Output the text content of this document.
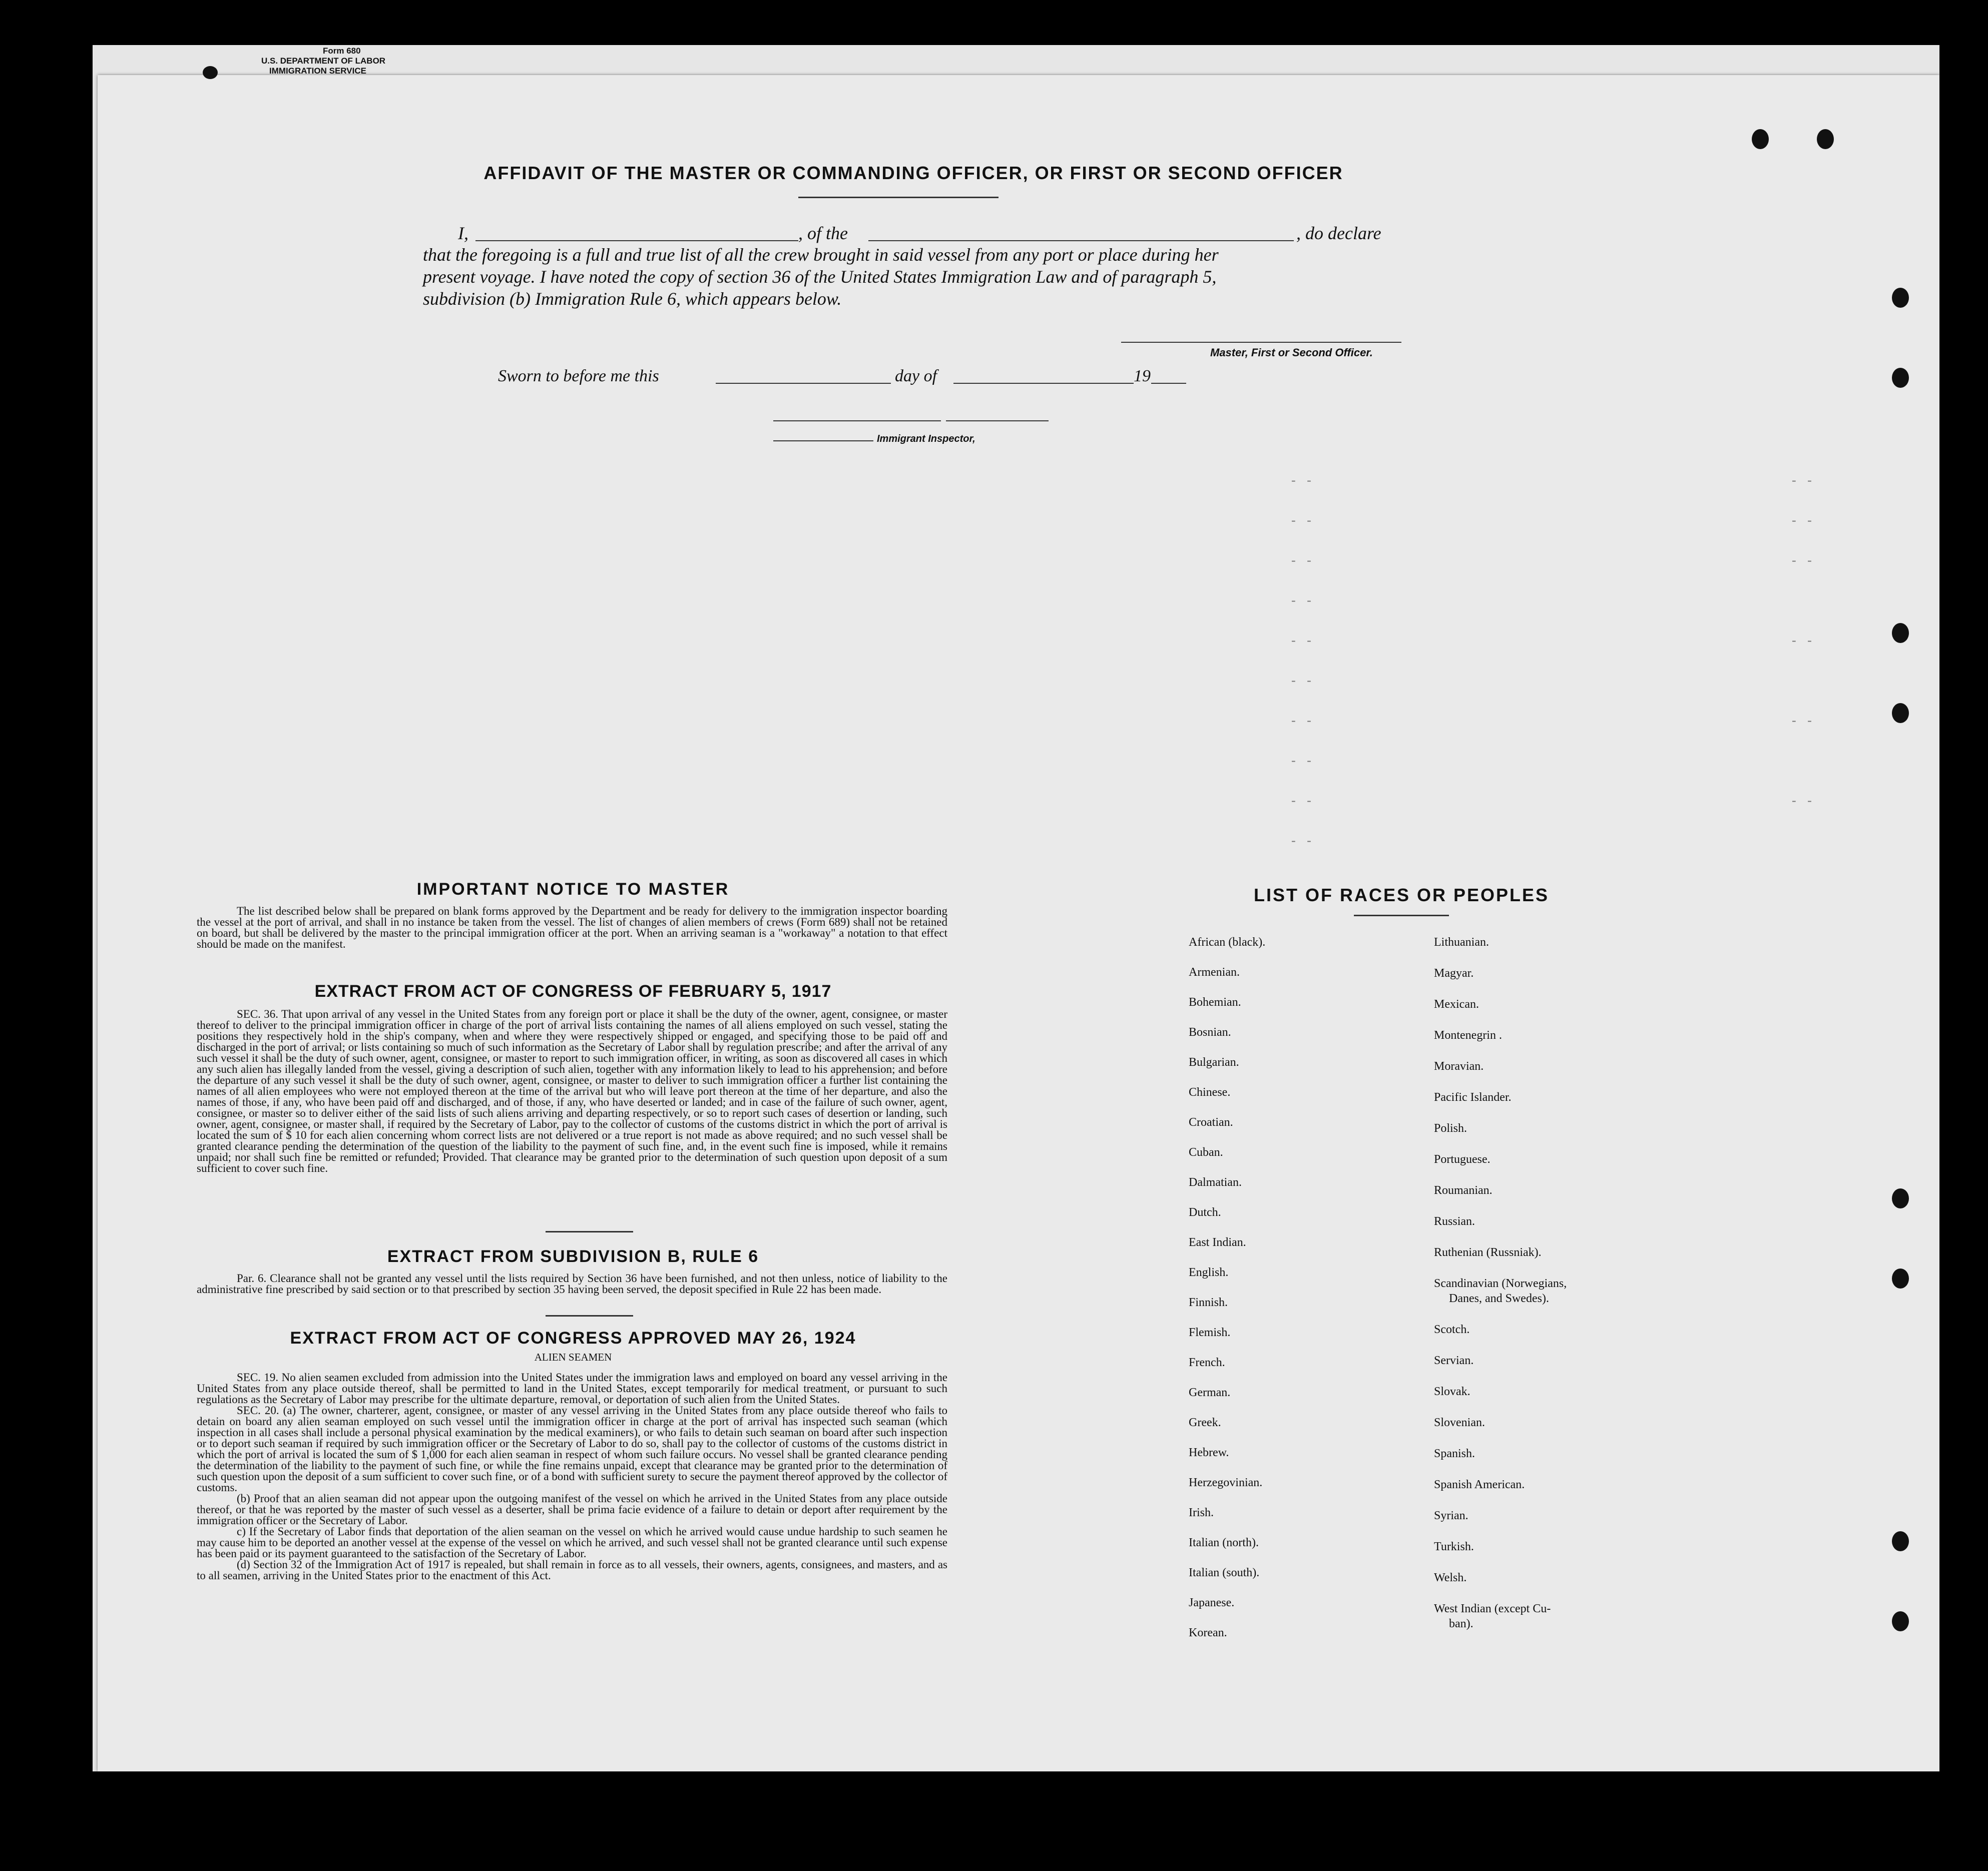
Form 680
U.S. DEPARTMENT OF LABOR
IMMIGRATION SERVICE
AFFIDAVIT OF THE MASTER OR COMMANDING OFFICER, OR FIRST OR SECOND OFFICER
I,	, of the	, do declare
that the foregoing is a full and true list of all the crew brought in said vessel from any port or place during her
present voyage. I have noted the copy of section 36 of the United States Immigration Law and of paragraph 5,
subdivision (b) Immigration Rule 6, which appears below.
Master, First or Second Officer.
Sworn to before me this	day of	19
Immigrant Inspector,
- -
- -
- -
- -
- -
- -
- -
- -
- -
- -
- -
- -
- -
- -
- -
- -
IMPORTANT NOTICE TO MASTER
The list described below shall be prepared on blank forms approved by the Department and be ready for delivery to the immigration inspector boarding the vessel at the port of arrival, and shall in no instance be taken from the vessel. The list of changes of alien members of crews (Form 689) shall not be retained on board, but shall be delivered by the master to the principal immigration officer at the port. When an arriving seaman is a "workaway" a notation to that effect should be made on the manifest.
EXTRACT FROM ACT OF CONGRESS OF FEBRUARY 5, 1917
SEC. 36. That upon arrival of any vessel in the United States from any foreign port or place it shall be the duty of the owner, agent, consignee, or master thereof to deliver to the principal immigration officer in charge of the port of arrival lists containing the names of all aliens employed on such vessel, stating the positions they respectively hold in the ship's company, when and where they were respectively shipped or engaged, and specifying those to be paid off and discharged in the port of arrival; or lists containing so much of such information as the Secretary of Labor shall by regulation prescribe; and after the arrival of any such vessel it shall be the duty of such owner, agent, consignee, or master to report to such immigration officer, in writing, as soon as discovered all cases in which any such alien has illegally landed from the vessel, giving a description of such alien, together with any information likely to lead to his apprehension; and before the departure of any such vessel it shall be the duty of such owner, agent, consignee, or master to deliver to such immigration officer a further list containing the names of all alien employees who were not employed thereon at the time of the arrival but who will leave port thereon at the time of her departure, and also the names of those, if any, who have been paid off and discharged, and of those, if any, who have deserted or landed; and in case of the failure of such owner, agent, consignee, or master so to deliver either of the said lists of such aliens arriving and departing respectively, or so to report such cases of desertion or landing, such owner, agent, consignee, or master shall, if required by the Secretary of Labor, pay to the collector of customs of the customs district in which the port of arrival is located the sum of $ 10 for each alien concerning whom correct lists are not delivered or a true report is not made as above required; and no such vessel shall be granted clearance pending the determination of the question of the liability to the payment of such fine, and, in the event such fine is imposed, while it remains unpaid; nor shall such fine be remitted or refunded; Provided. That clearance may be granted prior to the determination of such question upon deposit of a sum sufficient to cover such fine.
EXTRACT FROM SUBDIVISION B, RULE 6
Par. 6. Clearance shall not be granted any vessel until the lists required by Section 36 have been furnished, and not then unless, notice of liability to the administrative fine prescribed by said section or to that prescribed by section 35 having been served, the deposit specified in Rule 22 has been made.
EXTRACT FROM ACT OF CONGRESS APPROVED MAY 26, 1924
ALIEN SEAMEN
SEC. 19. No alien seamen excluded from admission into the United States under the immigration laws and employed on board any vessel arriving in the United States from any place outside thereof, shall be permitted to land in the United States, except temporarily for medical treatment, or pursuant to such regulations as the Secretary of Labor may prescribe for the ultimate departure, removal, or deportation of such alien from the United States.
SEC. 20. (a) The owner, charterer, agent, consignee, or master of any vessel arriving in the United States from any place outside thereof who fails to detain on board any alien seaman employed on such vessel until the immigration officer in charge at the port of arrival has inspected such seaman (which inspection in all cases shall include a personal physical examination by the medical examiners), or who fails to detain such seaman on board after such inspection or to deport such seaman if required by such immigration officer or the Secretary of Labor to do so, shall pay to the collector of customs of the customs district in which the port of arrival is located the sum of $ 1,000 for each alien seaman in respect of whom such failure occurs. No vessel shall be granted clearance pending the determination of the liability to the payment of such fine, or while the fine remains unpaid, except that clearance may be granted prior to the determination of such question upon the deposit of a sum sufficient to cover such fine, or of a bond with sufficient surety to secure the payment thereof approved by the collector of customs.
(b) Proof that an alien seaman did not appear upon the outgoing manifest of the vessel on which he arrived in the United States from any place outside thereof, or that he was reported by the master of such vessel as a deserter, shall be prima facie evidence of a failure to detain or deport after requirement by the immigration officer or the Secretary of Labor.
c) If the Secretary of Labor finds that deportation of the alien seaman on the vessel on which he arrived would cause undue hardship to such seamen he may cause him to be deported an another vessel at the expense of the vessel on which he arrived, and such vessel shall not be granted clearance until such expense has been paid or its payment guaranteed to the satisfaction of the Secretary of Labor.
(d) Section 32 of the Immigration Act of 1917 is repealed, but shall remain in force as to all vessels, their owners, agents, consignees, and masters, and as to all seamen, arriving in the United States prior to the enactment of this Act.
LIST OF RACES OR PEOPLES
African (black).
Armenian.
Bohemian.
Bosnian.
Bulgarian.
Chinese.
Croatian.
Cuban.
Dalmatian.
Dutch.
East Indian.
English.
Finnish.
Flemish.
French.
German.
Greek.
Hebrew.
Herzegovinian.
Irish.
Italian (north).
Italian (south).
Japanese.
Korean.
Lithuanian.
Magyar.
Mexican.
Montenegrin .
Moravian.
Pacific Islander.
Polish.
Portuguese.
Roumanian.
Russian.
Ruthenian (Russniak).
Scandinavian (Norwegians,
Danes, and Swedes).
Scotch.
Servian.
Slovak.
Slovenian.
Spanish.
Spanish American.
Syrian.
Turkish.
Welsh.
West Indian (except Cu-
ban).
